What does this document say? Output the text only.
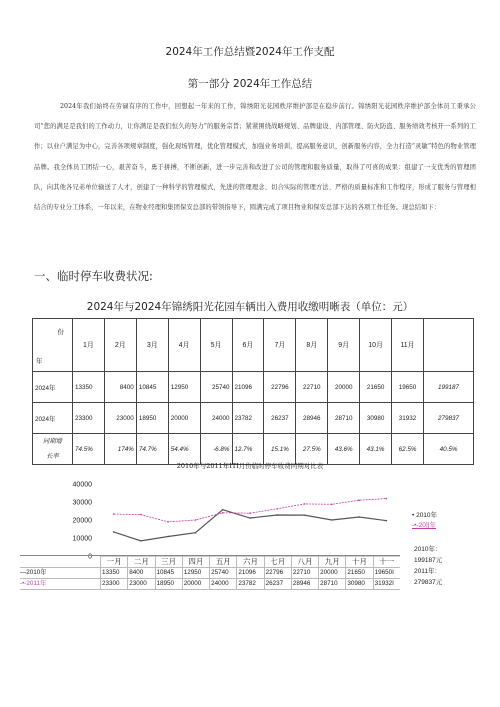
2024年工作总结暨2024年工作支配
第一部分 2024年工作总结
2024年我们始终在劳碌有序的工作中，回想起一年来的工作，锦绣阳光花园秩序维护部是在稳步前行。锦绣阳光花园秩序维护部全体员工秉承公司“您的满足是我们的工作动力，让你满足是我们恒久的努力”的服务宗旨；紧紧围绕战略规划、品牌建设、内部管理、防火防盗、服务绩效考核开一系列的工作；以业户满足为中心，完善各项规章制度，强化现场管理，优化管理模式，加强业务培训，提高服务意识，创新服务内容，全力打造“灵敏”特色的物业管理品牌。我全体员工团结一心，艰苦奋斗，勇于拼搏，不断创新，进一步完善和改进了公司的管理和服务质量，取得了可喜的成果：组建了一支优秀的管理团队，向其他各兄弟单位输送了人才，创建了一种科学的管理模式，先进的管理理念、切合实际的管理方法、严格的质量标准和工作程序，形成了服务与管理相结合的专业分工体系，一年以来，在物业经理和集团保安总部的带领指导下，圆满完成了项目物业和保安总部下达的各项工作任务。现总结如下：
一、临时停车收费状况:
2024年与2024年锦绣阳光花园车辆出入费用收缴明晰表（单位：元）
份
年	1月	2月	3月	4月	5月	6月	7月	8月	9月	10月	11月	
2024年	13350	8400	10845	12950	25740	21096	22796	22710	20000	21650	19650	199187
2024年	23300	23000	18950	20000	24000	23782	26237	28946	28710	30980	31932	279837
同期增
长率	74.5%	174%	74.7%	54.4%	-6.8%	12.7%	15.1%	27.5%	43.6%	43.1%	62.5%	40.5%
2010年与2011年ITI月份临时停车收费同期对比表
40000
30000
20000
10000
0
• 2010年
-•-20]]年
2010年：
199187元
2011年：
279837元
一月	二月	三月	四月	五月	六月	七月	八月	九月	十月	十一
—2010年	13350	8400	10845	12950	25740	21096	22796	22710	20000	21650	19650I
-•-2011年	23300	23000	18950	20000	24000	23782	26237	28946	28710	30980	31932I
